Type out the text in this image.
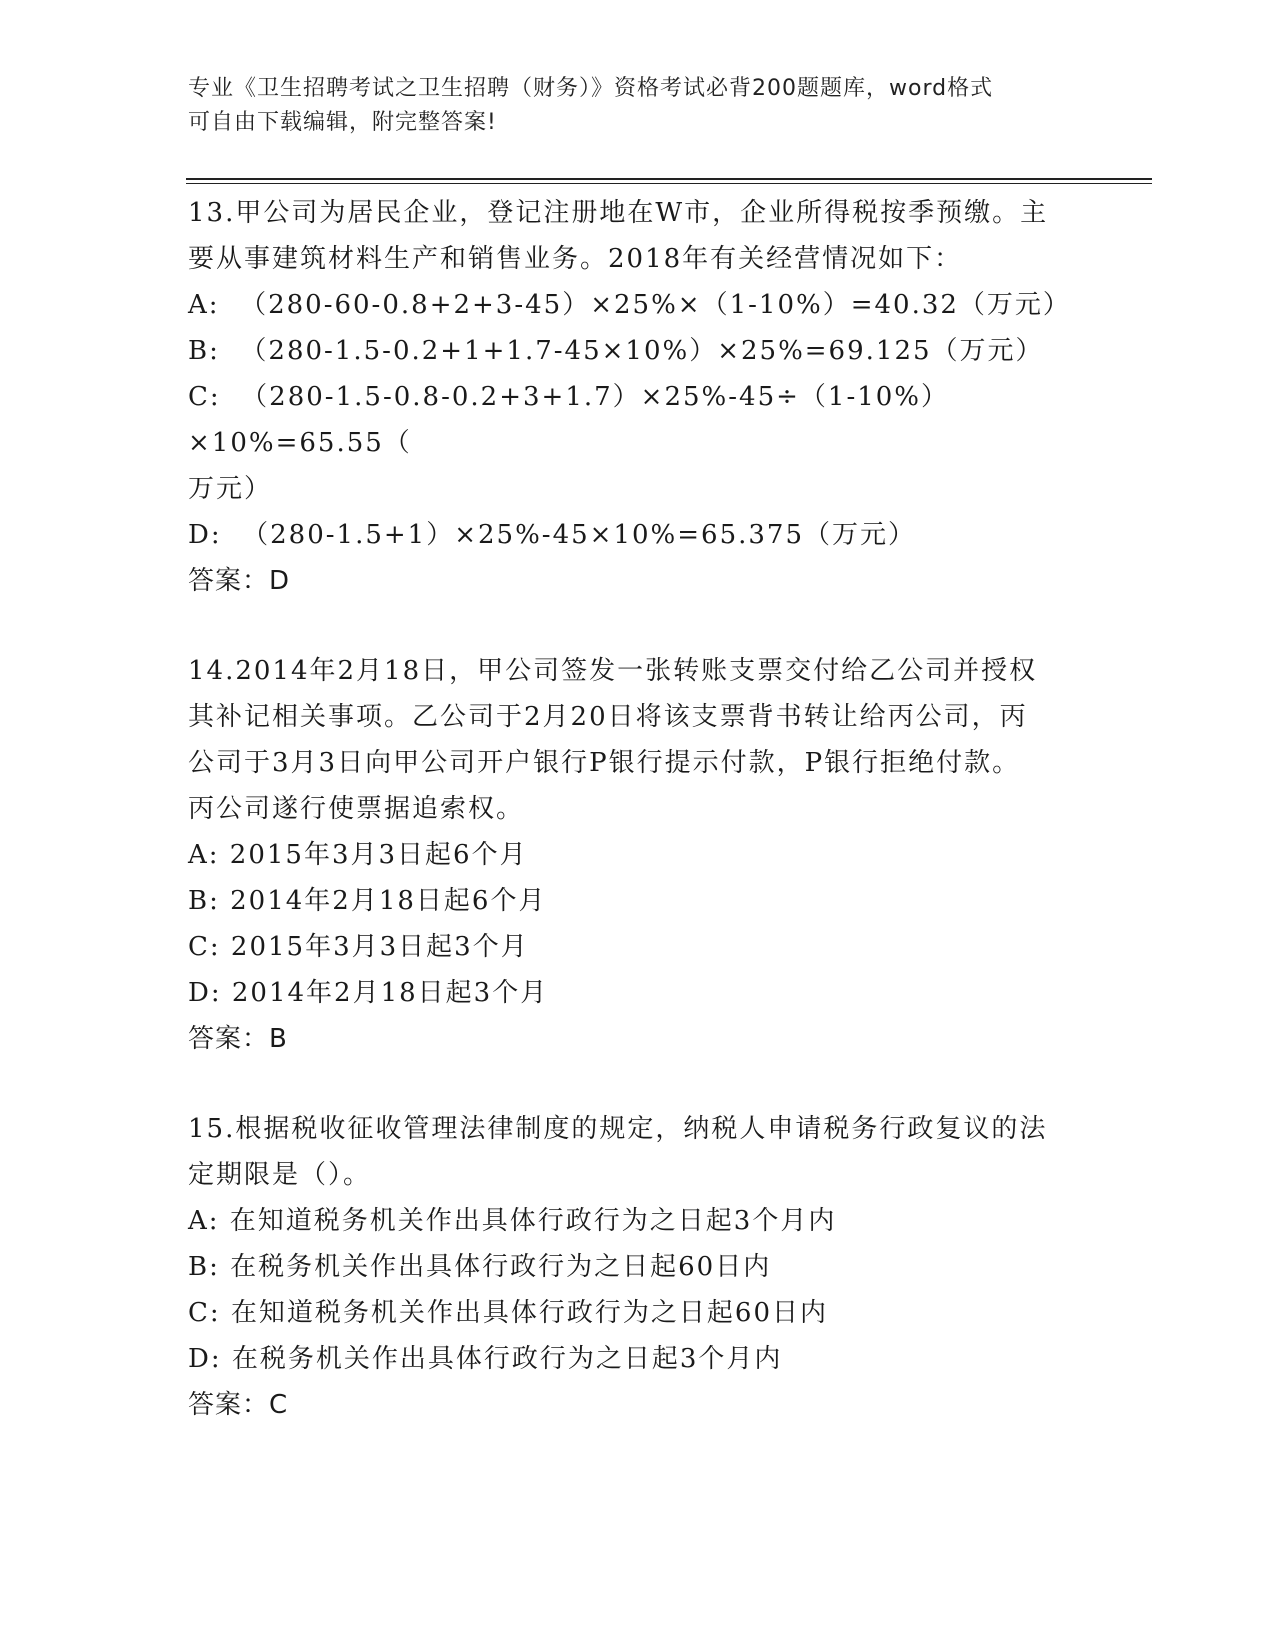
专业《卫生招聘考试之卫生招聘（财务）》资格考试必背200题题库，word格式
可自由下载编辑，附完整答案!
13.甲公司为居民企业，登记注册地在W市，企业所得税按季预缴。主
要从事建筑材料生产和销售业务。2018年有关经营情况如下：
A:  （280-60-0.8+2+3-45）×25%×（1-10%）=40.32（万元）
B:  （280-1.5-0.2+1+1.7-45×10%）×25%=69.125（万元）
C:  （280-1.5-0.8-0.2+3+1.7）×25%-45÷（1-10%）×10%=65.55（
万元）
D:  （280-1.5+1）×25%-45×10%=65.375（万元）
答案：D
14.2014年2月18日，甲公司签发一张转账支票交付给乙公司并授权
其补记相关事项。乙公司于2月20日将该支票背书转让给丙公司，丙
公司于3月3日向甲公司开户银行P银行提示付款，P银行拒绝付款。
丙公司遂行使票据追索权。
A: 2015年3月3日起6个月
B: 2014年2月18日起6个月
C: 2015年3月3日起3个月
D: 2014年2月18日起3个月
答案：B
15.根据税收征收管理法律制度的规定，纳税人申请税务行政复议的法
定期限是（）。
A: 在知道税务机关作出具体行政行为之日起3个月内
B: 在税务机关作出具体行政行为之日起60日内
C: 在知道税务机关作出具体行政行为之日起60日内
D: 在税务机关作出具体行政行为之日起3个月内
答案：C
